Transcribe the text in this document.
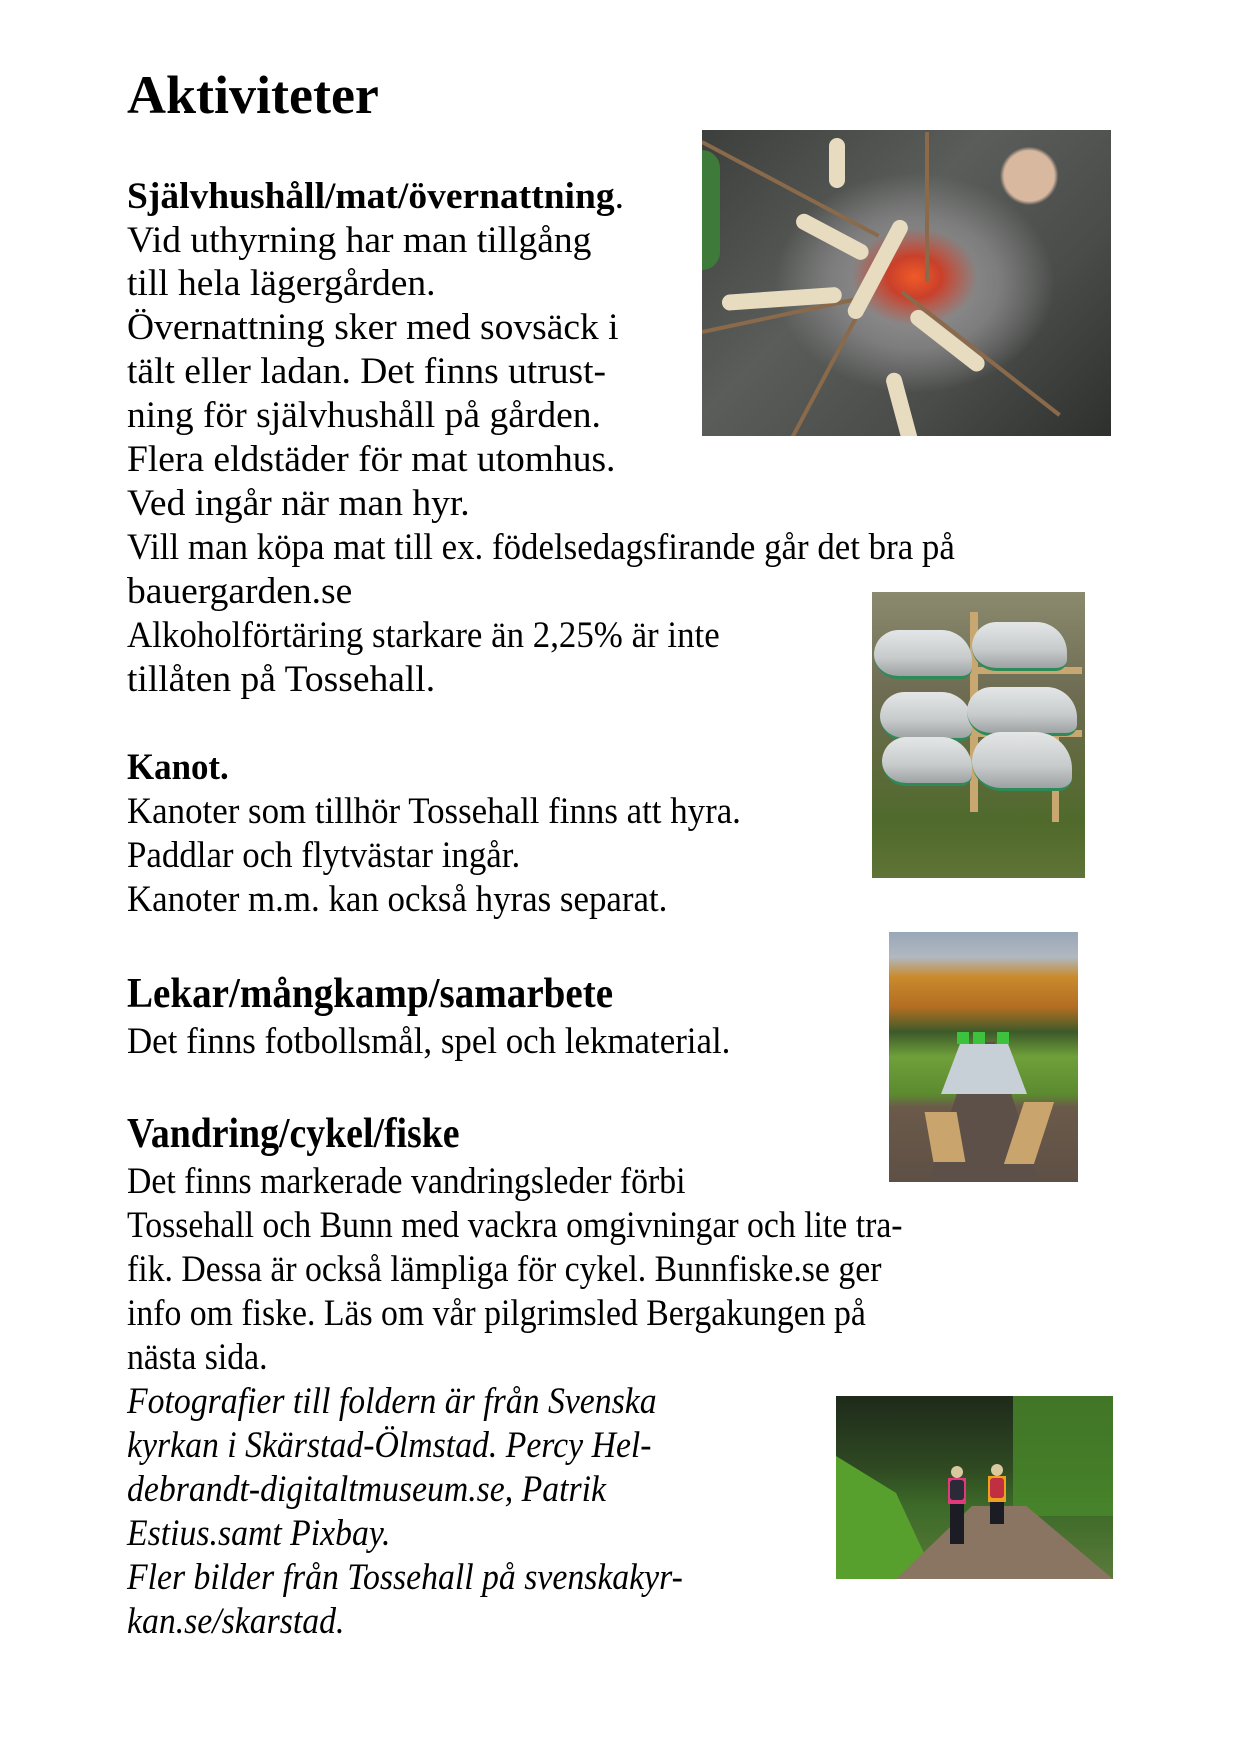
Aktiviteter
Självhushåll/mat/övernattning.
Vid uthyrning har man tillgång
till hela lägergården.
Övernattning sker med sovsäck i
tält eller ladan. Det finns utrust-
ning för självhushåll på gården.
Flera eldstäder för mat utomhus.
Ved ingår när man hyr.
Vill man köpa mat till ex. födelsedagsfirande går det bra på
bauergarden.se
Alkoholförtäring starkare än 2,25% är inte
tillåten på Tossehall.
Kanot.
Kanoter som tillhör Tossehall finns att hyra.
Paddlar och flytvästar ingår.
Kanoter m.m. kan också hyras separat.
Lekar/mångkamp/samarbete
Det finns fotbollsmål, spel och lekmaterial.
Vandring/cykel/fiske
Det finns markerade vandringsleder förbi
Tossehall och Bunn med vackra omgivningar och lite tra-
fik. Dessa är också lämpliga för cykel. Bunnfiske.se ger
info om fiske. Läs om vår pilgrimsled Bergakungen på
nästa sida.
Fotografier till foldern är från Svenska
kyrkan i Skärstad-Ölmstad. Percy Hel-
debrandt-digitaltmuseum.se, Patrik
Estius.samt Pixbay.
Fler bilder från Tossehall på svenskakyr-
kan.se/skarstad.
